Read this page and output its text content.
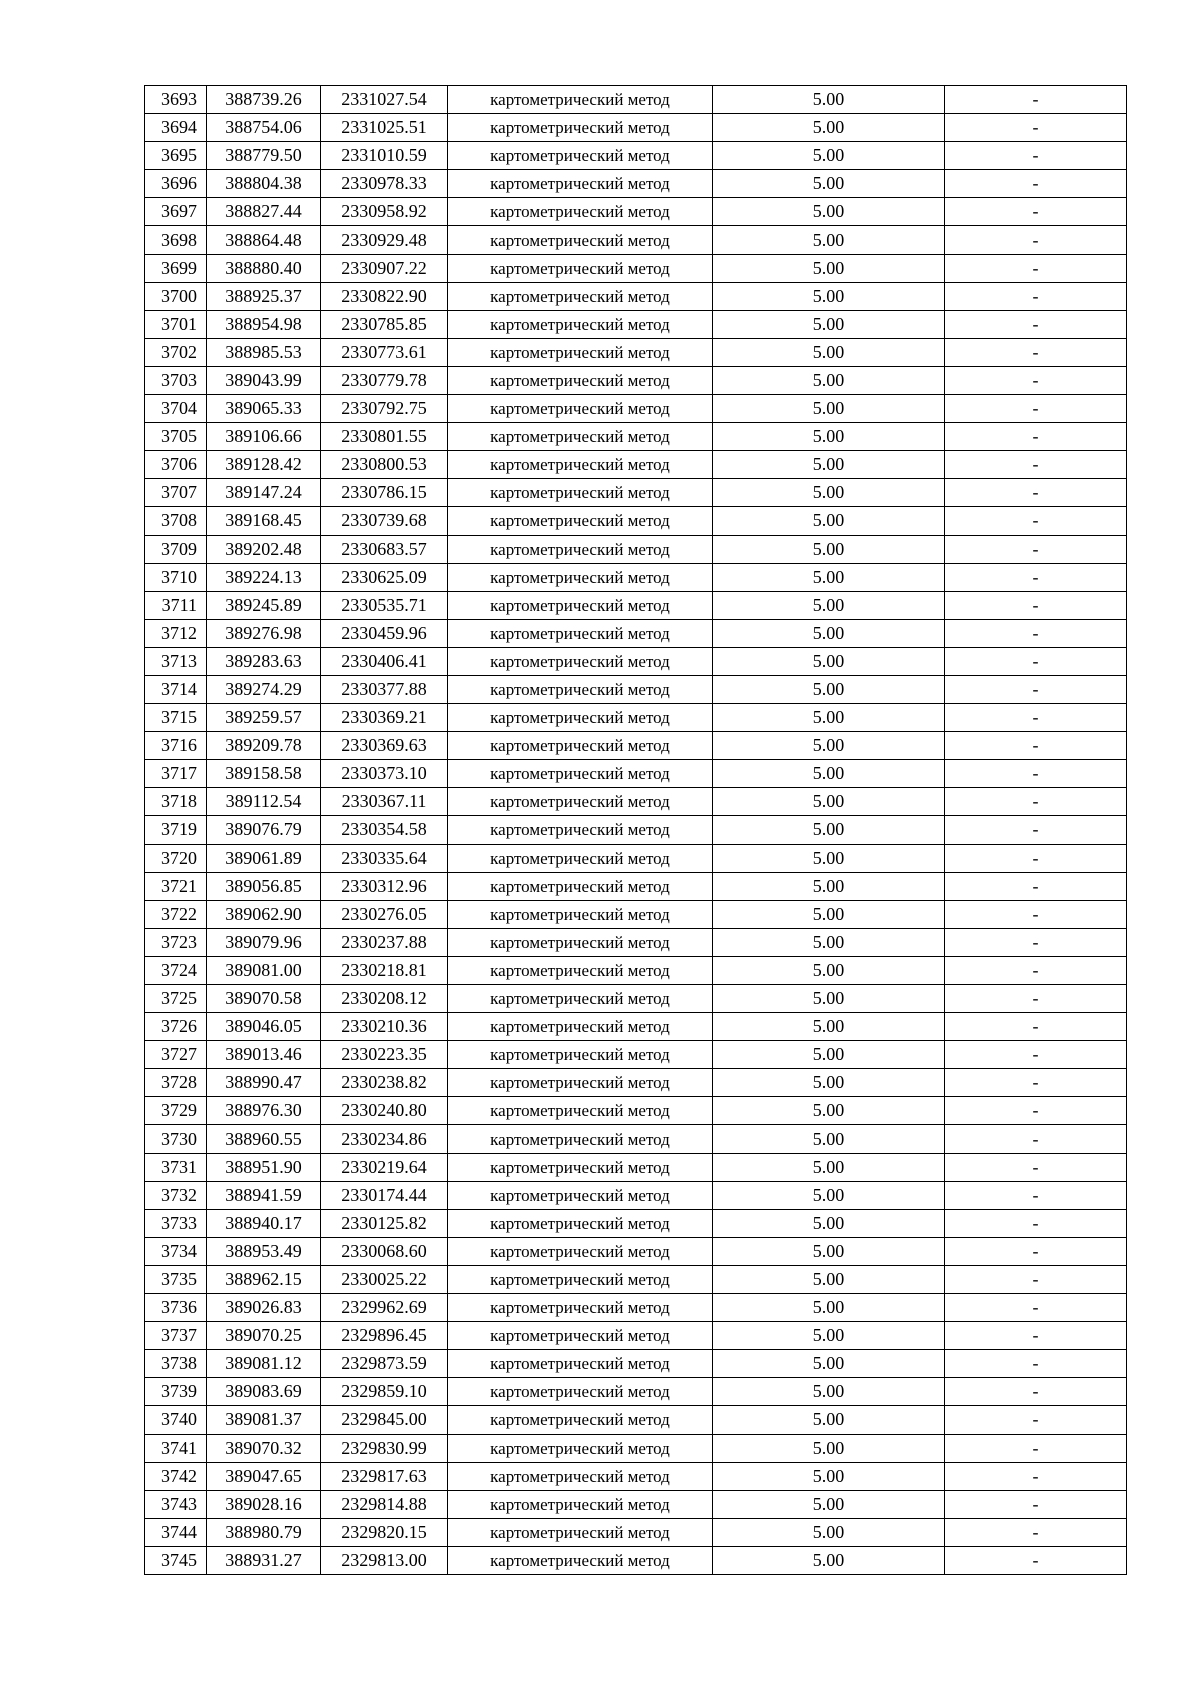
3693	388739.26	2331027.54	картометрический метод	5.00	-
3694	388754.06	2331025.51	картометрический метод	5.00	-
3695	388779.50	2331010.59	картометрический метод	5.00	-
3696	388804.38	2330978.33	картометрический метод	5.00	-
3697	388827.44	2330958.92	картометрический метод	5.00	-
3698	388864.48	2330929.48	картометрический метод	5.00	-
3699	388880.40	2330907.22	картометрический метод	5.00	-
3700	388925.37	2330822.90	картометрический метод	5.00	-
3701	388954.98	2330785.85	картометрический метод	5.00	-
3702	388985.53	2330773.61	картометрический метод	5.00	-
3703	389043.99	2330779.78	картометрический метод	5.00	-
3704	389065.33	2330792.75	картометрический метод	5.00	-
3705	389106.66	2330801.55	картометрический метод	5.00	-
3706	389128.42	2330800.53	картометрический метод	5.00	-
3707	389147.24	2330786.15	картометрический метод	5.00	-
3708	389168.45	2330739.68	картометрический метод	5.00	-
3709	389202.48	2330683.57	картометрический метод	5.00	-
3710	389224.13	2330625.09	картометрический метод	5.00	-
3711	389245.89	2330535.71	картометрический метод	5.00	-
3712	389276.98	2330459.96	картометрический метод	5.00	-
3713	389283.63	2330406.41	картометрический метод	5.00	-
3714	389274.29	2330377.88	картометрический метод	5.00	-
3715	389259.57	2330369.21	картометрический метод	5.00	-
3716	389209.78	2330369.63	картометрический метод	5.00	-
3717	389158.58	2330373.10	картометрический метод	5.00	-
3718	389112.54	2330367.11	картометрический метод	5.00	-
3719	389076.79	2330354.58	картометрический метод	5.00	-
3720	389061.89	2330335.64	картометрический метод	5.00	-
3721	389056.85	2330312.96	картометрический метод	5.00	-
3722	389062.90	2330276.05	картометрический метод	5.00	-
3723	389079.96	2330237.88	картометрический метод	5.00	-
3724	389081.00	2330218.81	картометрический метод	5.00	-
3725	389070.58	2330208.12	картометрический метод	5.00	-
3726	389046.05	2330210.36	картометрический метод	5.00	-
3727	389013.46	2330223.35	картометрический метод	5.00	-
3728	388990.47	2330238.82	картометрический метод	5.00	-
3729	388976.30	2330240.80	картометрический метод	5.00	-
3730	388960.55	2330234.86	картометрический метод	5.00	-
3731	388951.90	2330219.64	картометрический метод	5.00	-
3732	388941.59	2330174.44	картометрический метод	5.00	-
3733	388940.17	2330125.82	картометрический метод	5.00	-
3734	388953.49	2330068.60	картометрический метод	5.00	-
3735	388962.15	2330025.22	картометрический метод	5.00	-
3736	389026.83	2329962.69	картометрический метод	5.00	-
3737	389070.25	2329896.45	картометрический метод	5.00	-
3738	389081.12	2329873.59	картометрический метод	5.00	-
3739	389083.69	2329859.10	картометрический метод	5.00	-
3740	389081.37	2329845.00	картометрический метод	5.00	-
3741	389070.32	2329830.99	картометрический метод	5.00	-
3742	389047.65	2329817.63	картометрический метод	5.00	-
3743	389028.16	2329814.88	картометрический метод	5.00	-
3744	388980.79	2329820.15	картометрический метод	5.00	-
3745	388931.27	2329813.00	картометрический метод	5.00	-
